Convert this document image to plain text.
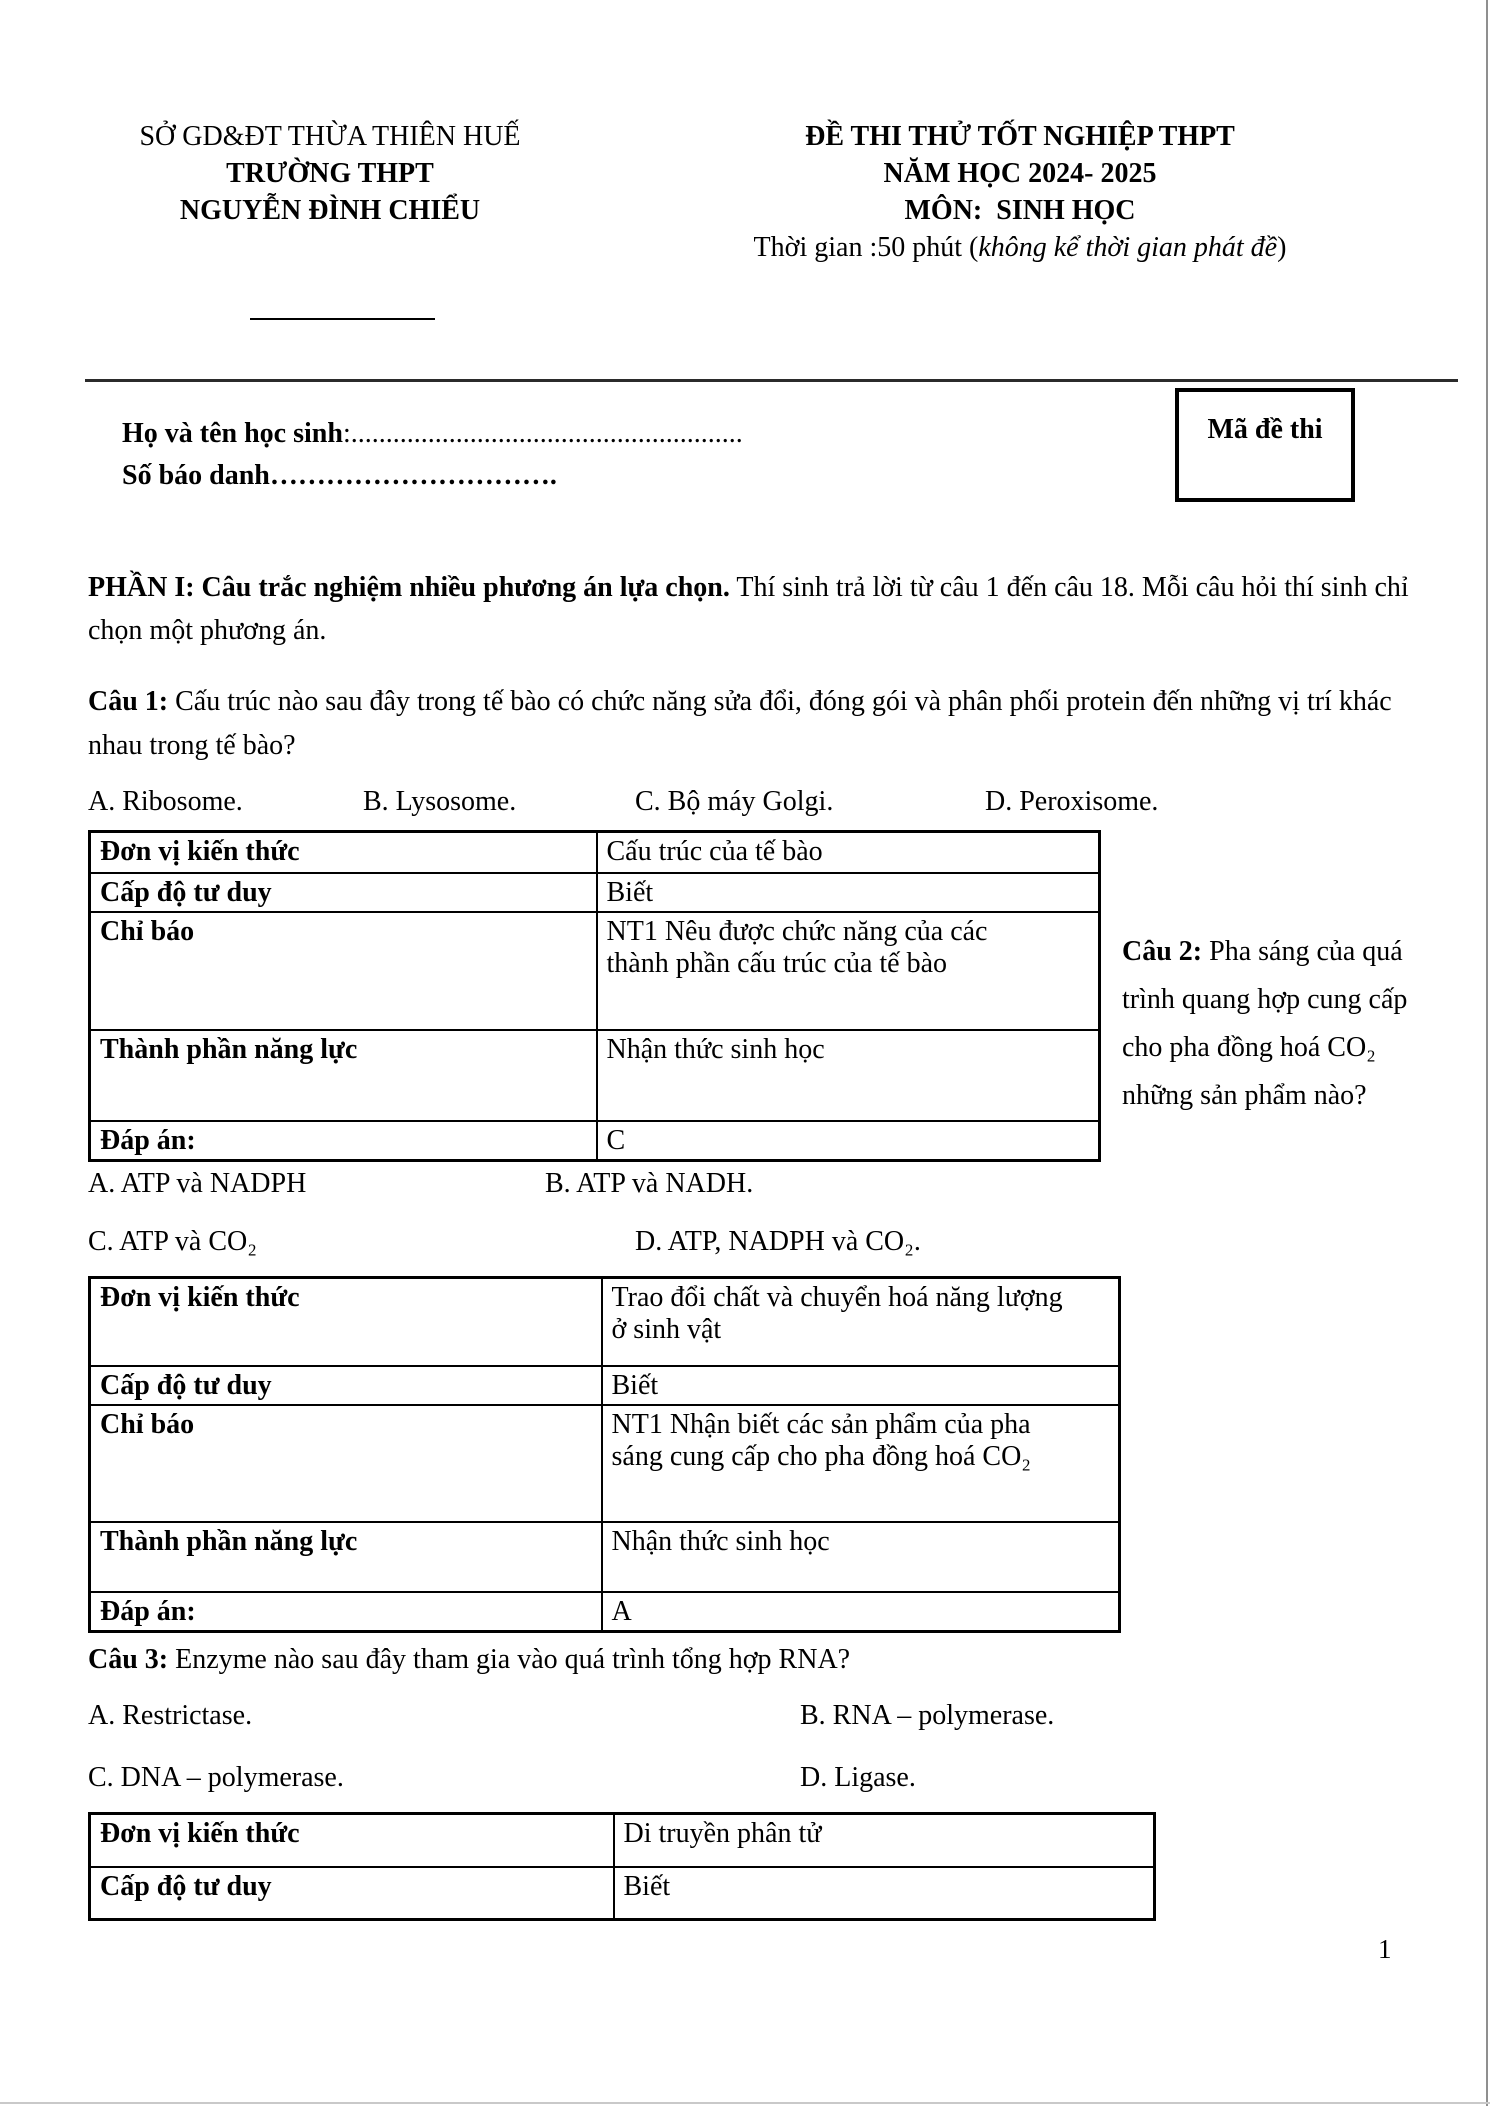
SỞ GD&ĐT THỪA THIÊN HUẾ
TRƯỜNG THPT
NGUYỄN ĐÌNH CHIỂU
ĐỀ THI THỬ TỐT NGHIỆP THPT
NĂM HỌC 2024- 2025
MÔN:  SINH HỌC
Thời gian :50 phút (không kể thời gian phát đề)
Họ và tên học sinh:........................................................
Số báo danh………………………….
Mã đề thi
PHẦN I: Câu trắc nghiệm nhiều phương án lựa chọn. Thí sinh trả lời từ câu 1 đến câu 18. Mỗi câu hỏi thí sinh chỉ chọn một phương án.
Câu 1: Cấu trúc nào sau đây trong tế bào có chức năng sửa đổi, đóng gói và phân phối protein đến những vị trí khác nhau trong tế bào?
A. Ribosome.	B. Lysosome.	C. Bộ máy Golgi.	D. Peroxisome.
Đơn vị kiến thức	Cấu trúc của tế bào
Cấp độ tư duy	Biết
Chỉ báo	NT1 Nêu được chức năng của các thành phần cấu trúc của tế bào
Thành phần năng lực	Nhận thức sinh học
Đáp án:	C
Câu 2: Pha sáng của quá trình quang hợp cung cấp cho pha đồng hoá CO₂ những sản phẩm nào?
A. ATP và NADPH	B. ATP và NADH.
C. ATP và CO₂	D. ATP, NADPH và CO₂.
Đơn vị kiến thức	Trao đổi chất và chuyển hoá năng lượng ở sinh vật
Cấp độ tư duy	Biết
Chỉ báo	NT1 Nhận biết các sản phẩm của pha sáng cung cấp cho pha đồng hoá CO₂
Thành phần năng lực	Nhận thức sinh học
Đáp án:	A
Câu 3: Enzyme nào sau đây tham gia vào quá trình tổng hợp RNA?
A. Restrictase.	B. RNA – polymerase.
C. DNA – polymerase.	D. Ligase.
Đơn vị kiến thức	Di truyền phân tử
Cấp độ tư duy	Biết
1
